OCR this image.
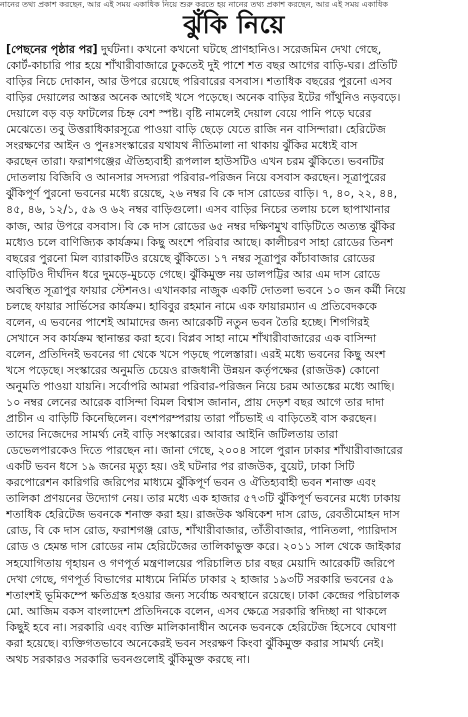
নানের তথ্য প্রকাশ করছেন, আর এই সময় একাধিক নিয়ে শুরু করতে হয় নানের তথ্য প্রকাশ করছেন, আর এই সময় একাধিক
ঝুঁকি নিয়ে
[পেছনের পৃষ্ঠার পর] দুর্ঘটনা। কখনো কখনো ঘটছে প্রাণহানিও। সরেজমিন দেখা গেছে,
কোর্ট-কাচারি পার হয়ে শাঁখারীবাজারে ঢুকতেই দুই পাশে শত বছর আগের বাড়ি-ঘর। প্রতিটি
বাড়ির নিচে দোকান, আর উপরে রয়েছে পরিবারের বসবাস। শতাধিক বছরের পুরনো এসব
বাড়ির দেয়ালের আস্তর অনেক আগেই খসে পড়েছে। অনেক বাড়ির ইটের গাঁথুনিও নড়বড়ে।
দেয়ালে বড় বড় ফাটলের চিহ্ন বেশ স্পষ্ট। বৃষ্টি নামলেই দেয়াল বেয়ে পানি পড়ে ঘরের
মেঝেতে। তবু উত্তরাধিকারসূত্রে পাওয়া বাড়ি ছেড়ে যেতে রাজি নন বাসিন্দারা। হেরিটেজ
সংরক্ষণের আইন ও পুনঃসংস্কারের যথাযথ নীতিমালা না থাকায় ঝুঁকির মধ্যেই বাস
করছেন তারা। ফরাশগঞ্জের ঐতিহ্যবাহী রূপলাল হাউসটিও এখন চরম ঝুঁকিতে। ভবনটির
দোতলায় বিজিবি ও আনসার সদস্যরা পরিবার-পরিজন নিয়ে বসবাস করছেন। সূত্রাপুরের
ঝুঁকিপূর্ণ পুরনো ভবনের মধ্যে রয়েছে, ২৬ নম্বর বি কে দাস রোডের বাড়ি। ৭, ৪০, ২২, ৪৪,
৪৫, ৪৬, ১২/১, ৫৯ ও ৬২ নম্বর বাড়িগুলো। এসব বাড়ির নিচের তলায় চলে ছাপাখানার
কাজ, আর উপরে বসবাস। বি কে দাস রোডের ৬৫ নম্বর দক্ষিণমুখ বাড়িটিতে অত্যন্ত ঝুঁকির
মধ্যেও চলে বাণিজ্যিক কার্যক্রম। কিছু অংশে পরিবার আছে। কালীচরণ সাহা রোডের তিনশ
বছরের পুরনো মিল ব্যারাকটিও রয়েছে ঝুঁকিতে। ১৭ নম্বর সূত্রাপুর কাঁচাবাজার রোডের
বাড়িটিও দীর্ঘদিন ধরে দুমড়ে-মুচড়ে গেছে। ঝুঁকিমুক্ত নয় ডালপট্টির আর এম দাস রোডে
অবস্থিত সূত্রাপুর ফায়ার স্টেশনও। এখানকার নাজুক একটি দোতলা ভবনে ১০ জন কর্মী নিয়ে
চলছে ফায়ার সার্ভিসের কার্যক্রম। হাবিবুর রহমান নামে এক ফায়ারম্যান এ প্রতিবেদককে
বলেন, এ ভবনের পাশেই আমাদের জন্য আরেকটি নতুন ভবন তৈরি হচ্ছে। শিগগিরই
সেখানে সব কার্যক্রম স্থানান্তর করা হবে। বিপ্লব সাহা নামে শাঁখারীবাজারের এক বাসিন্দা
বলেন, প্রতিদিনই ভবনের গা থেকে খসে পড়ছে পলেস্তারা। এরই মধ্যে ভবনের কিছু অংশ
খসে পড়েছে। সংস্কারের অনুমতি চেয়েও রাজধানী উন্নয়ন কর্তৃপক্ষের (রাজউক) কোনো
অনুমতি পাওয়া যায়নি। সর্বোপরি আমরা পরিবার-পরিজন নিয়ে চরম আতঙ্কের মধ্যে আছি।
১০ নম্বর লেনের আরেক বাসিন্দা বিমল বিশ্বাস জানান, প্রায় দেড়শ বছর আগে তার দাদা
প্রাচীন এ বাড়িটি কিনেছিলেন। বংশপরম্পরায় তারা পাঁচভাই এ বাড়িতেই বাস করছেন।
তাদের নিজেদের সামর্থ্য নেই বাড়ি সংস্কারের। আবার আইনি জটিলতায় তারা
ডেভেলপারকেও দিতে পারছেন না। জানা গেছে, ২০০৪ সালে পুরান ঢাকার শাঁখারীবাজারের
একটি ভবন ধসে ১৯ জনের মৃত্যু হয়। ওই ঘটনার পর রাজউক, বুয়েট, ঢাকা সিটি
করপোরেশন কারিগরি জরিপের মাধ্যমে ঝুঁকিপূর্ণ ভবন ও ঐতিহ্যবাহী ভবন শনাক্ত এবং
তালিকা প্রণয়নের উদ্যোগ নেয়। তার মধ্যে এক হাজার ৫৭৩টি ঝুঁকিপূর্ণ ভবনের মধ্যে ঢাকায়
শতাধিক হেরিটেজ ভবনকে শনাক্ত করা হয়। রাজউক ঋষিকেশ দাস রোড, রেবতীমোহন দাস
রোড, বি কে দাস রোড, ফরাশগঞ্জ রোড, শাঁখারীবাজার, তাঁতীবাজার, পানিতলা, প্যারিদাস
রোড ও হেমন্ত দাস রোডের নাম হেরিটেজের তালিকাভুক্ত করে। ২০১১ সাল থেকে জাইকার
সহযোগিতায় গৃহায়ন ও গণপূর্ত মন্ত্রণালয়ের পরিচালিত চার বছর মেয়াদি আরেকটি জরিপে
দেখা গেছে, গণপূর্ত বিভাগের মাধ্যমে নির্মিত ঢাকার ২ হাজার ১৯৩টি সরকারি ভবনের ৫৯
শতাংশই ভূমিকম্পে ক্ষতিগ্রস্ত হওয়ার জন্য সর্বোচ্চ অবস্থানে রয়েছে। ঢাকা কেন্দ্রের পরিচালক
মো. আজিম বকস বাংলাদেশ প্রতিদিনকে বলেন, এসব ক্ষেত্রে সরকারি স্বদিচ্ছা না থাকলে
কিছুই হবে না। সরকারি এবং ব্যক্তি মালিকানাধীন অনেক ভবনকে হেরিটেজ হিসেবে ঘোষণা
করা হয়েছে। ব্যক্তিগতভাবে অনেকেরই ভবন সংরক্ষণ কিংবা ঝুঁকিমুক্ত করার সামর্থ্য নেই।
অথচ সরকারও সরকারি ভবনগুলোই ঝুঁকিমুক্ত করছে না।
